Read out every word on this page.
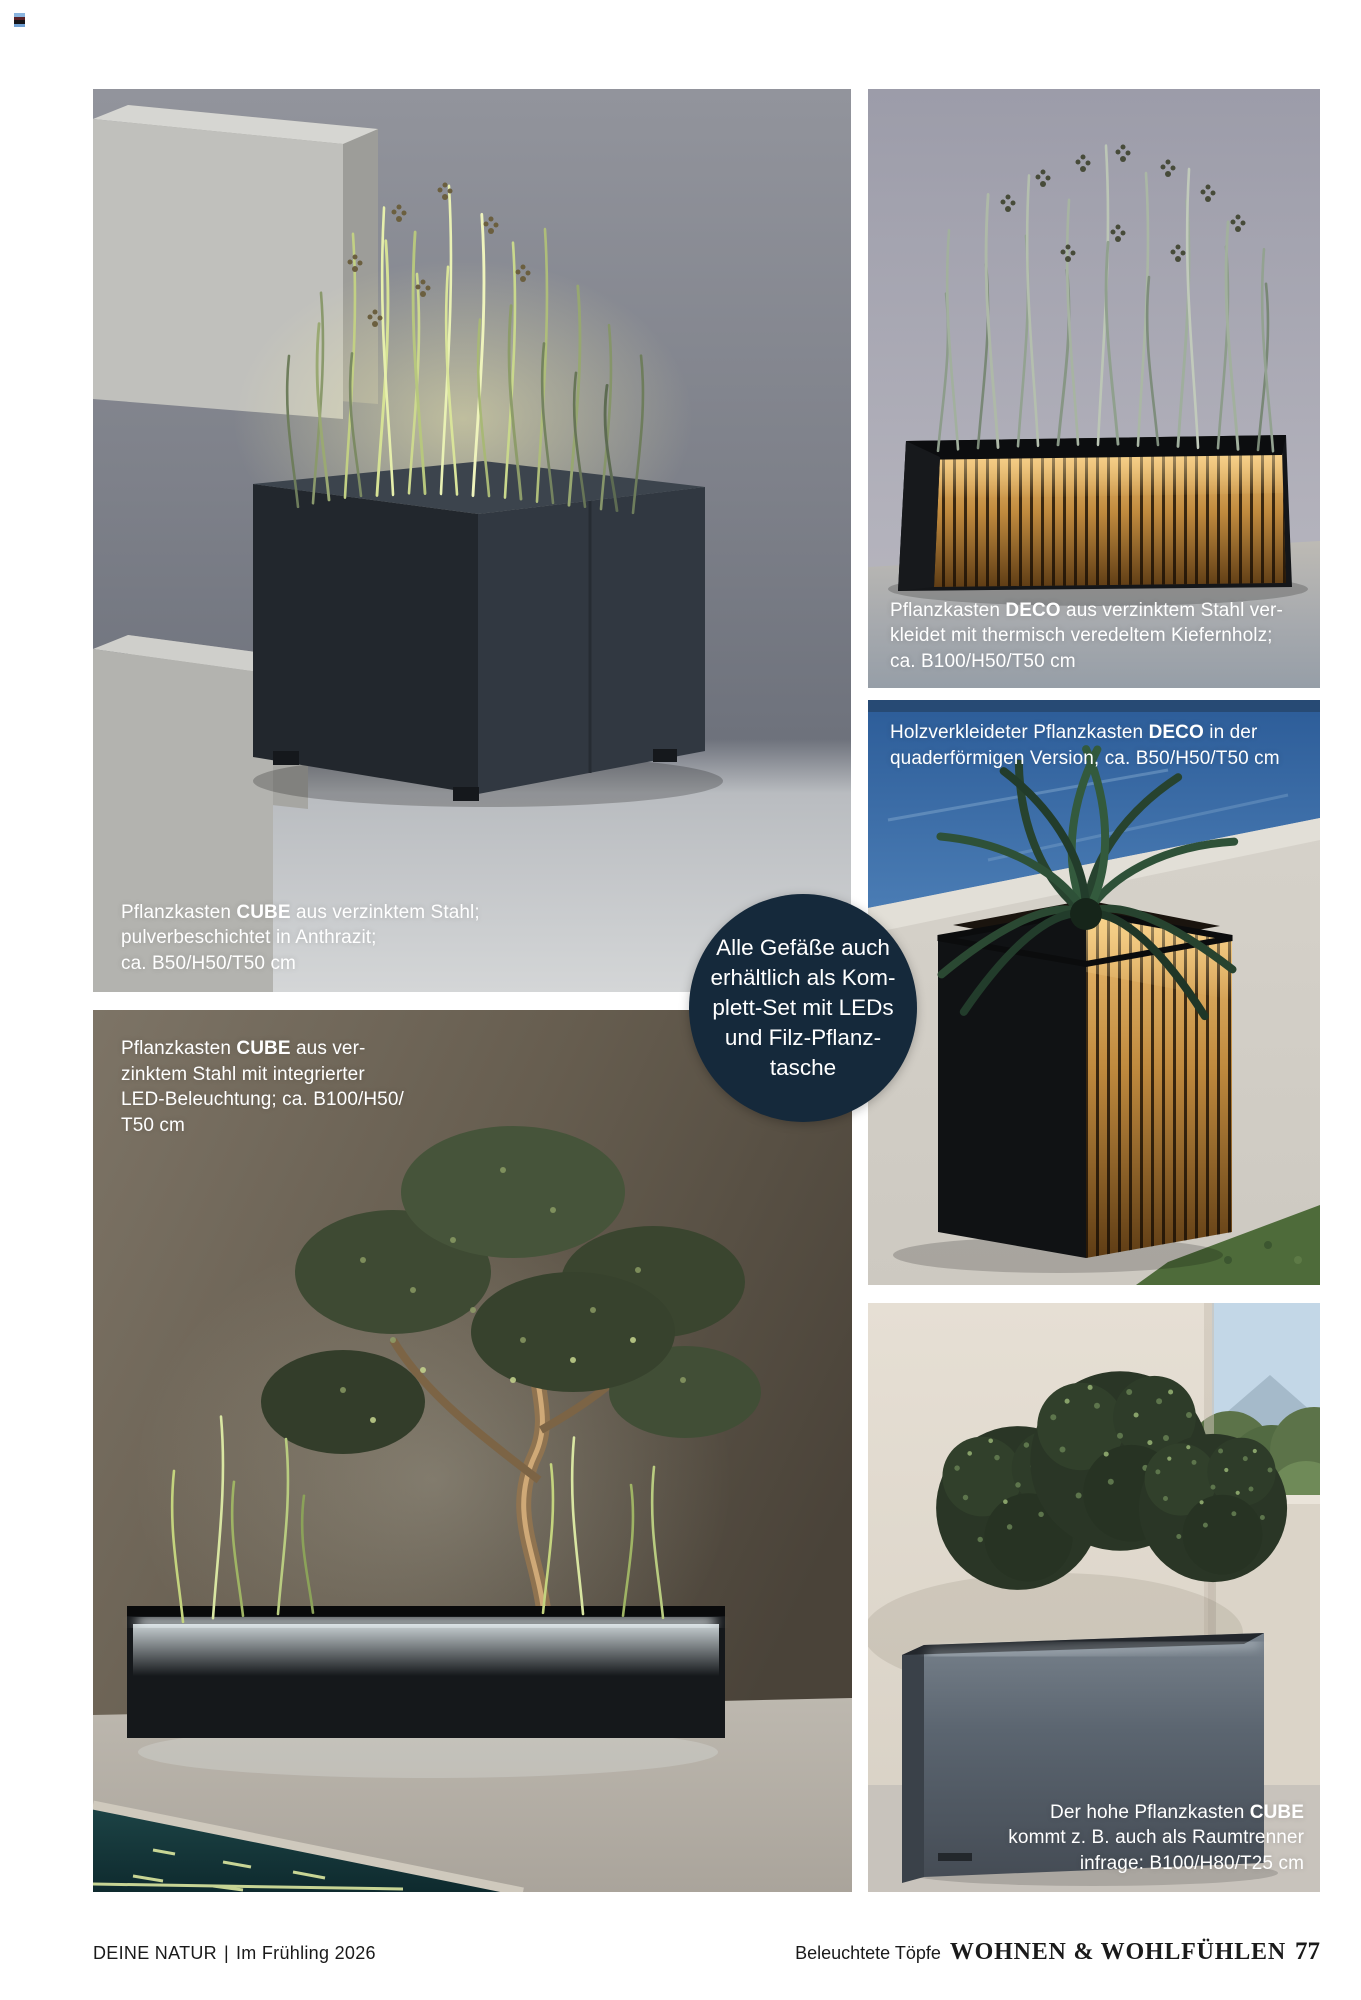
Pflanzkasten CUBE aus verzinktem Stahl;
pulverbeschichtet in Anthrazit;
ca. B50/H50/T50 cm
Pflanzkasten DECO aus verzinktem Stahl ver-
kleidet mit thermisch veredeltem Kiefernholz;
ca. B100/H50/T50 cm
Holzverkleideter Pflanzkasten DECO in der
quaderförmigen Version, ca. B50/H50/T50 cm
Pflanzkasten CUBE aus ver-
zinktem Stahl mit integrierter
LED-Beleuchtung; ca. B100/H50/
T50 cm
Der hohe Pflanzkasten CUBE
kommt z. B. auch als Raumtrenner
infrage: B100/H80/T25 cm
Alle Gefäße auch
erhältlich als Kom-
plett-Set mit LEDs
und Filz-Pflanz-
tasche
DEINE NATUR | Im Frühling 2026	Beleuchtete Töpfe WOHNEN & WOHLFÜHLEN 77
